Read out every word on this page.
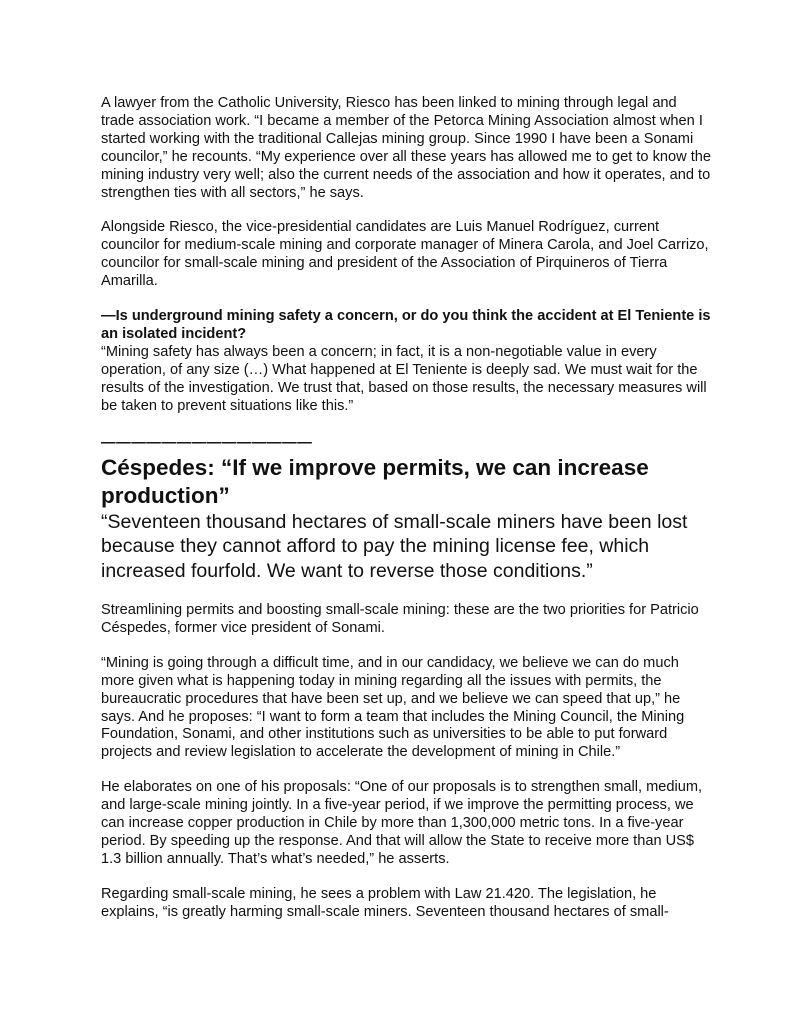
A lawyer from the Catholic University, Riesco has been linked to mining through legal and trade association work. “I became a member of the Petorca Mining Association almost when I started working with the traditional Callejas mining group. Since 1990 I have been a Sonami councilor,” he recounts. “My experience over all these years has allowed me to get to know the mining industry very well; also the current needs of the association and how it operates, and to strengthen ties with all sectors,” he says.

Alongside Riesco, the vice-presidential candidates are Luis Manuel Rodríguez, current councilor for medium-scale mining and corporate manager of Minera Carola, and Joel Carrizo, councilor for small-scale mining and president of the Association of Pirquineros of Tierra Amarilla.

—Is underground mining safety a concern, or do you think the accident at El Teniente is an isolated incident?

“Mining safety has always been a concern; in fact, it is a non-negotiable value in every operation, of any size (…) What happened at El Teniente is deeply sad. We must wait for the results of the investigation. We trust that, based on those results, the necessary measures will be taken to prevent situations like this.”

——————————————
Céspedes: “If we improve permits, we can increase production”

“Seventeen thousand hectares of small-scale miners have been lost because they cannot afford to pay the mining license fee, which increased fourfold. We want to reverse those conditions.”

Streamlining permits and boosting small-scale mining: these are the two priorities for Patricio Céspedes, former vice president of Sonami.

“Mining is going through a difficult time, and in our candidacy, we believe we can do much more given what is happening today in mining regarding all the issues with permits, the bureaucratic procedures that have been set up, and we believe we can speed that up,” he says. And he proposes: “I want to form a team that includes the Mining Council, the Mining Foundation, Sonami, and other institutions such as universities to be able to put forward projects and review legislation to accelerate the development of mining in Chile.”

He elaborates on one of his proposals: “One of our proposals is to strengthen small, medium, and large-scale mining jointly. In a five-year period, if we improve the permitting process, we can increase copper production in Chile by more than 1,300,000 metric tons. In a five-year period. By speeding up the response. And that will allow the State to receive more than US$ 1.3 billion annually. That’s what’s needed,” he asserts.

Regarding small-scale mining, he sees a problem with Law 21.420. The legislation, he explains, “is greatly harming small-scale miners. Seventeen thousand hectares of small-
